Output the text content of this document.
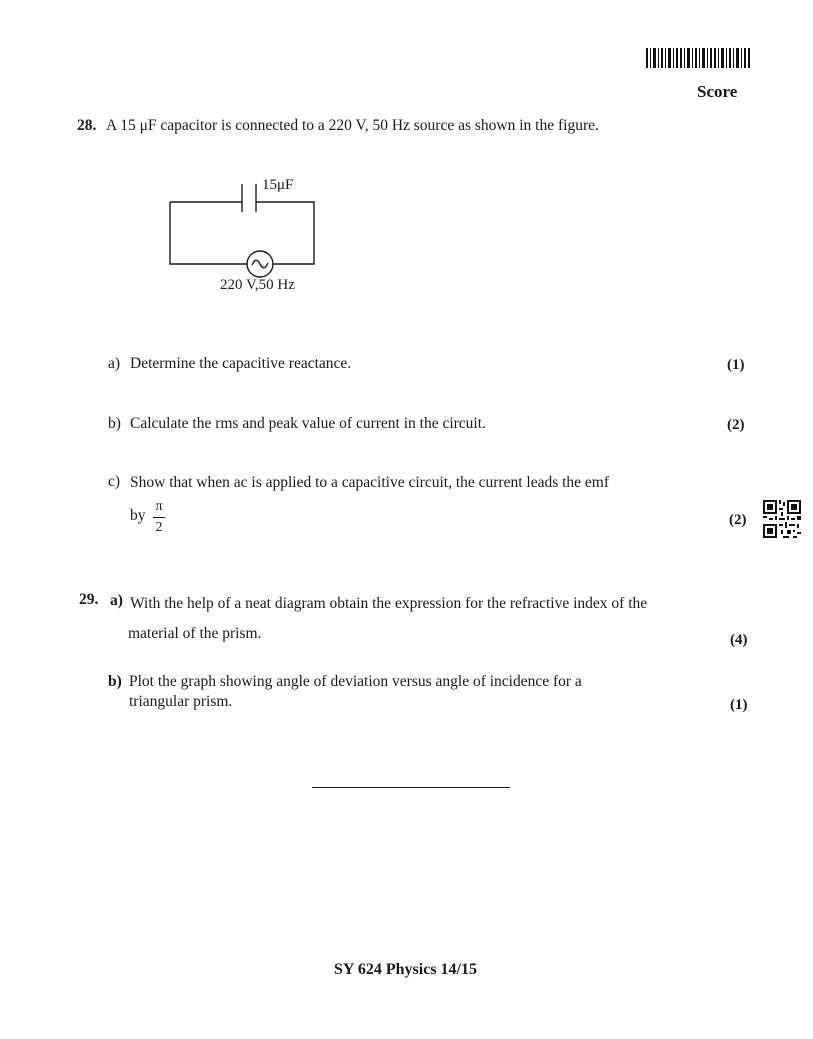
Score
28. A 15 μF capacitor is connected to a 220 V, 50 Hz source as shown in the figure.
15μF
220 V,50 Hz
a) Determine the capacitive reactance.	(1)
b) Calculate the rms and peak value of current in the circuit.	(2)
c) Show that when ac is applied to a capacitive circuit, the current leads the emf
by
π
2	(2)
29. a) With the help of a neat diagram obtain the expression for the refractive index of the
material of the prism.	(4)
b) Plot the graph showing angle of deviation versus angle of incidence for a
triangular prism.	(1)
SY 624 Physics 14/15
